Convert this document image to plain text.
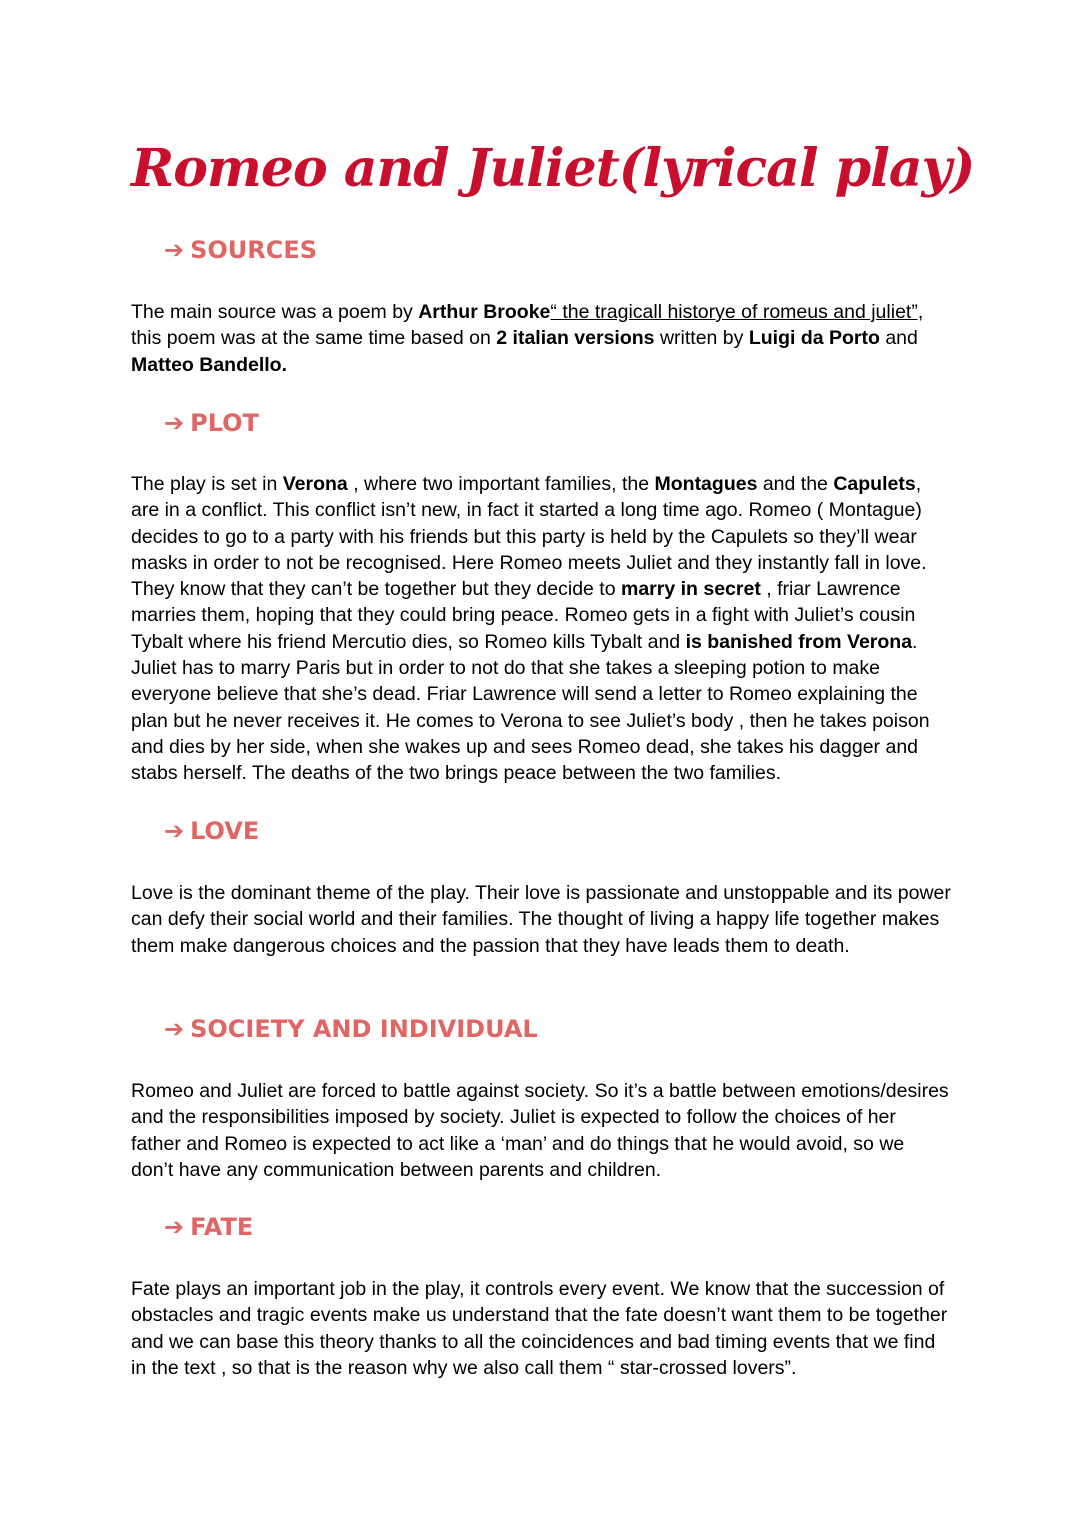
Romeo and Juliet(lyrical play)
➔ SOURCES

The main source was a poem by Arthur Brooke“ the tragicall historye of romeus and juliet”, this poem was at the same time based on 2 italian versions written by Luigi da Porto and
Matteo Bandello.

➔ PLOT

The play is set in Verona , where two important families, the Montagues and the Capulets, are in a conflict. This conflict isn’t new, in fact it started a long time ago. Romeo ( Montague) decides to go to a party with his friends but this party is held by the Capulets so they’ll wear masks in order to not be recognised. Here Romeo meets Juliet and they instantly fall in love. They know that they can’t be together but they decide to marry in secret , friar Lawrence marries them, hoping that they could bring peace. Romeo gets in a fight with Juliet’s cousin Tybalt where his friend Mercutio dies, so Romeo kills Tybalt and is banished from Verona. Juliet has to marry Paris but in order to not do that she takes a sleeping potion to make everyone believe that she’s dead. Friar Lawrence will send a letter to Romeo explaining the plan but he never receives it. He comes to Verona to see Juliet’s body , then he takes poison and dies by her side, when she wakes up and sees Romeo dead, she takes his dagger and stabs herself. The deaths of the two brings peace between the two families.

➔ LOVE

Love is the dominant theme of the play. Their love is passionate and unstoppable and its power can defy their social world and their families. The thought of living a happy life together makes them make dangerous choices and the passion that they have leads them to death.

➔ SOCIETY AND INDIVIDUAL

Romeo and Juliet are forced to battle against society. So it’s a battle between emotions/desires and the responsibilities imposed by society. Juliet is expected to follow the choices of her father and Romeo is expected to act like a ‘man’ and do things that he would avoid, so we don’t have any communication between parents and children.

➔ FATE

Fate plays an important job in the play, it controls every event. We know that the succession of obstacles and tragic events make us understand that the fate doesn’t want them to be together and we can base this theory thanks to all the coincidences and bad timing events that we find in the text , so that is the reason why we also call them “ star-crossed lovers”.
